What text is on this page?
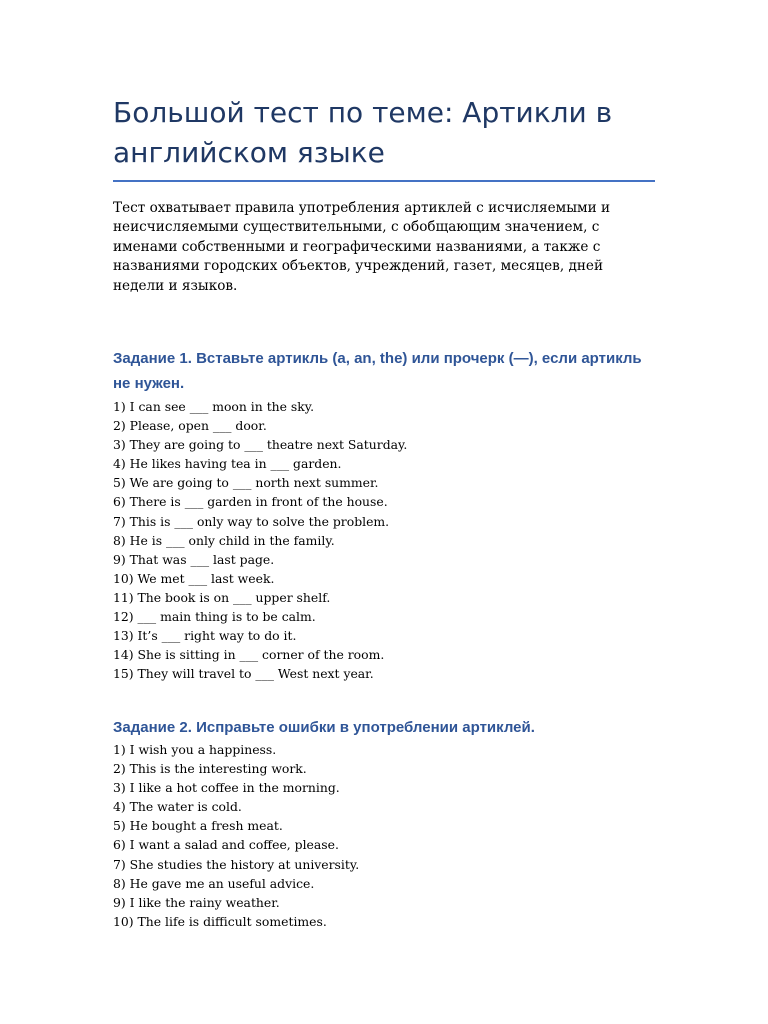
Большой тест по теме: Артикли в английском языке

Тест охватывает правила употребления артиклей с исчисляемыми и неисчисляемыми существительными, с обобщающим значением, с именами собственными и географическими названиями, а также с названиями городских объектов, учреждений, газет, месяцев, дней недели и языков.

Задание 1. Вставьте артикль (a, an, the) или прочерк (—), если артикль не нужен.
1) I can see ___ moon in the sky.
2) Please, open ___ door.
3) They are going to ___ theatre next Saturday.
4) He likes having tea in ___ garden.
5) We are going to ___ north next summer.
6) There is ___ garden in front of the house.
7) This is ___ only way to solve the problem.
8) He is ___ only child in the family.
9) That was ___ last page.
10) We met ___ last week.
11) The book is on ___ upper shelf.
12) ___ main thing is to be calm.
13) It’s ___ right way to do it.
14) She is sitting in ___ corner of the room.
15) They will travel to ___ West next year.
Задание 2. Исправьте ошибки в употреблении артиклей.
1) I wish you a happiness.
2) This is the interesting work.
3) I like a hot coffee in the morning.
4) The water is cold.
5) He bought a fresh meat.
6) I want a salad and coffee, please.
7) She studies the history at university.
8) He gave me an useful advice.
9) I like the rainy weather.
10) The life is difficult sometimes.
